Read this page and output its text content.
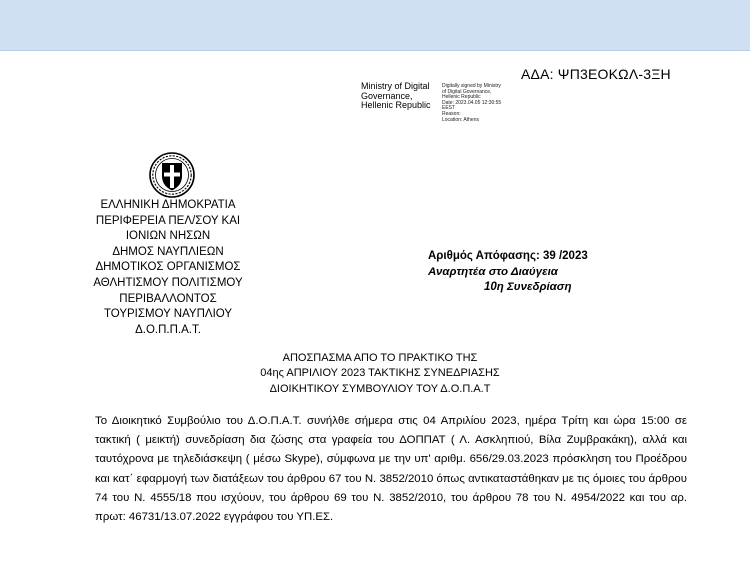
ΑΔΑ: ΨΠ3ΕΟΚΩΛ-3ΞΗ
Ministry of Digital
Governance,
Hellenic Republic
Digitally signed by Ministry
of Digital Governance,
Hellenic Republic
Date: 2023.04.05 12:30:55
EEST
Reason:
Location: Athens
ΕΛΛΗΝΙΚΗ ΔΗΜΟΚΡΑΤΙΑ
ΠΕΡΙΦΕΡΕΙΑ ΠΕΛ/ΣΟΥ ΚΑΙ
ΙΟΝΙΩΝ ΝΗΣΩΝ
ΔΗΜΟΣ ΝΑΥΠΛΙΕΩΝ
ΔΗΜΟΤΙΚΟΣ ΟΡΓΑΝΙΣΜΟΣ
ΑΘΛΗΤΙΣΜΟΥ ΠΟΛΙΤΙΣΜΟΥ
ΠΕΡΙΒΑΛΛΟΝΤΟΣ
ΤΟΥΡΙΣΜΟΥ ΝΑΥΠΛΙΟΥ
Δ.Ο.Π.Π.Α.Τ.
Αριθμός Απόφασης: 39 /2023
Αναρτητέα στο Διαύγεια
10η Συνεδρίαση
ΑΠΟΣΠΑΣΜΑ ΑΠΟ ΤΟ ΠΡΑΚΤΙΚΟ ΤΗΣ
04ης ΑΠΡΙΛΙΟΥ 2023 ΤΑΚΤΙΚΗΣ ΣΥΝΕΔΡΙΑΣΗΣ
ΔΙΟΙΚΗΤΙΚΟΥ ΣΥΜΒΟΥΛΙΟΥ ΤΟΥ Δ.Ο.Π.Α.Τ
Το Διοικητικό Συμβούλιο του Δ.Ο.Π.Α.Τ. συνήλθε σήμερα στις 04 Απριλίου 2023, ημέρα Τρίτη και ώρα 15:00 σε τακτική ( μεικτή) συνεδρίαση δια ζώσης στα γραφεία του ΔΟΠΠΑΤ ( Λ. Ασκληπιού, Βίλα Ζυμβρακάκη), αλλά και ταυτόχρονα με τηλεδιάσκεψη ( μέσω Skype), σύμφωνα με την υπ' αριθμ. 656/29.03.2023 πρόσκληση του Προέδρου και κατ΄ εφαρμογή των διατάξεων του άρθρου 67 του Ν. 3852/2010 όπως αντικαταστάθηκαν με τις όμοιες του άρθρου 74 του Ν. 4555/18 που ισχύουν, του άρθρου 69 του Ν. 3852/2010, του άρθρου 78 του Ν. 4954/2022 και του αρ. πρωτ: 46731/13.07.2022 εγγράφου του ΥΠ.ΕΣ.
